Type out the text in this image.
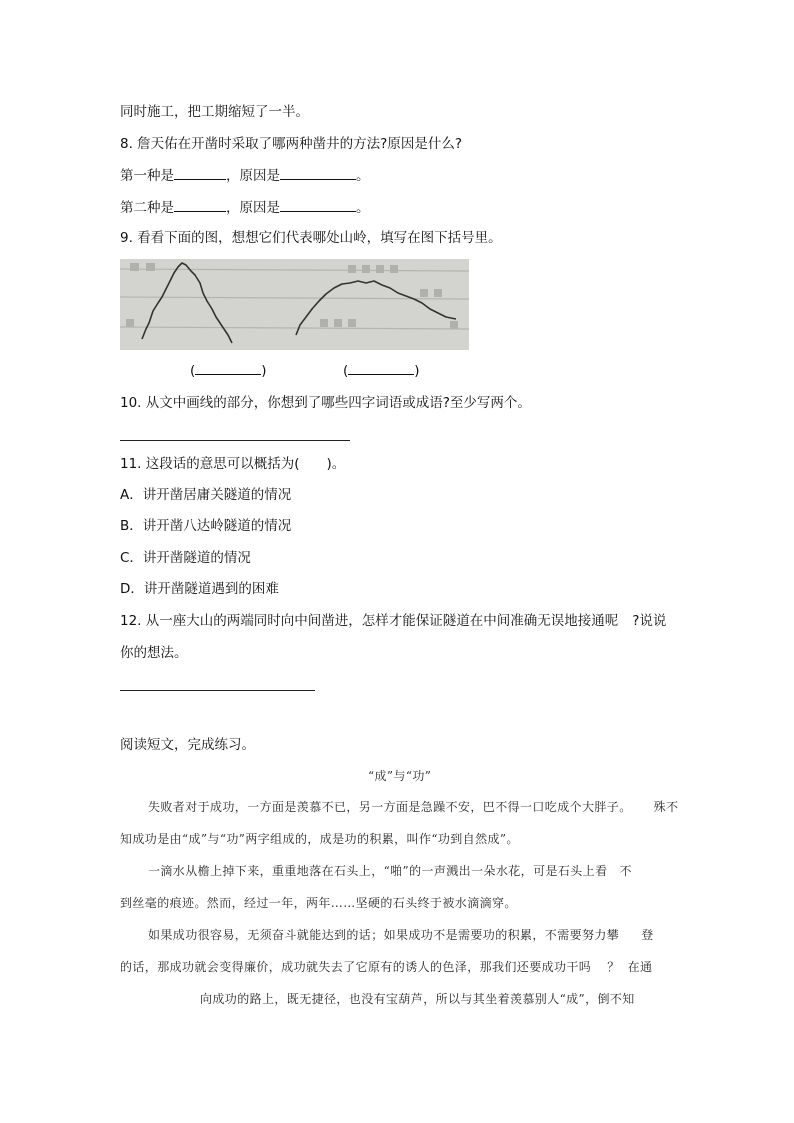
同时施工，把工期缩短了一半。
8. 詹天佑在开凿时采取了哪两种凿井的方法?原因是什么?
第一种是	，原因是	。
第二种是	，原因是	。
9. 看看下面的图，想想它们代表哪处山岭，填写在图下括号里。
(	)	(	)
10. 从文中画线的部分，你想到了哪些四字词语或成语?至少写两个。
11. 这段话的意思可以概括为(　　)。
A．讲开凿居庸关隧道的情况
B．讲开凿八达岭隧道的情况
C．讲开凿隧道的情况
D．讲开凿隧道遇到的困难
12. 从一座大山的两端同时向中间凿进，怎样才能保证隧道在中间准确无误地接通呢 ?说说
你的想法。
阅读短文，完成练习。
“成”与“功”
失败者对于成功，一方面是羡慕不已，另一方面是急躁不安，巴不得一口吃成个大胖子。 殊不
知成功是由“成”与“功”两字组成的，成是功的积累，叫作“功到自然成”。
一滴水从檐上掉下来，重重地落在石头上，“啪”的一声溅出一朵水花，可是石头上看 不
到丝毫的痕迹。然而，经过一年，两年……坚硬的石头终于被水滴滴穿。
如果成功很容易，无须奋斗就能达到的话；如果成功不是需要功的积累，不需要努力攀 登
的话，那成功就会变得廉价，成功就失去了它原有的诱人的色泽，那我们还要成功干吗 ？ 在通
向成功的路上，既无捷径，也没有宝葫芦，所以与其坐着羡慕别人“成”，倒不知
